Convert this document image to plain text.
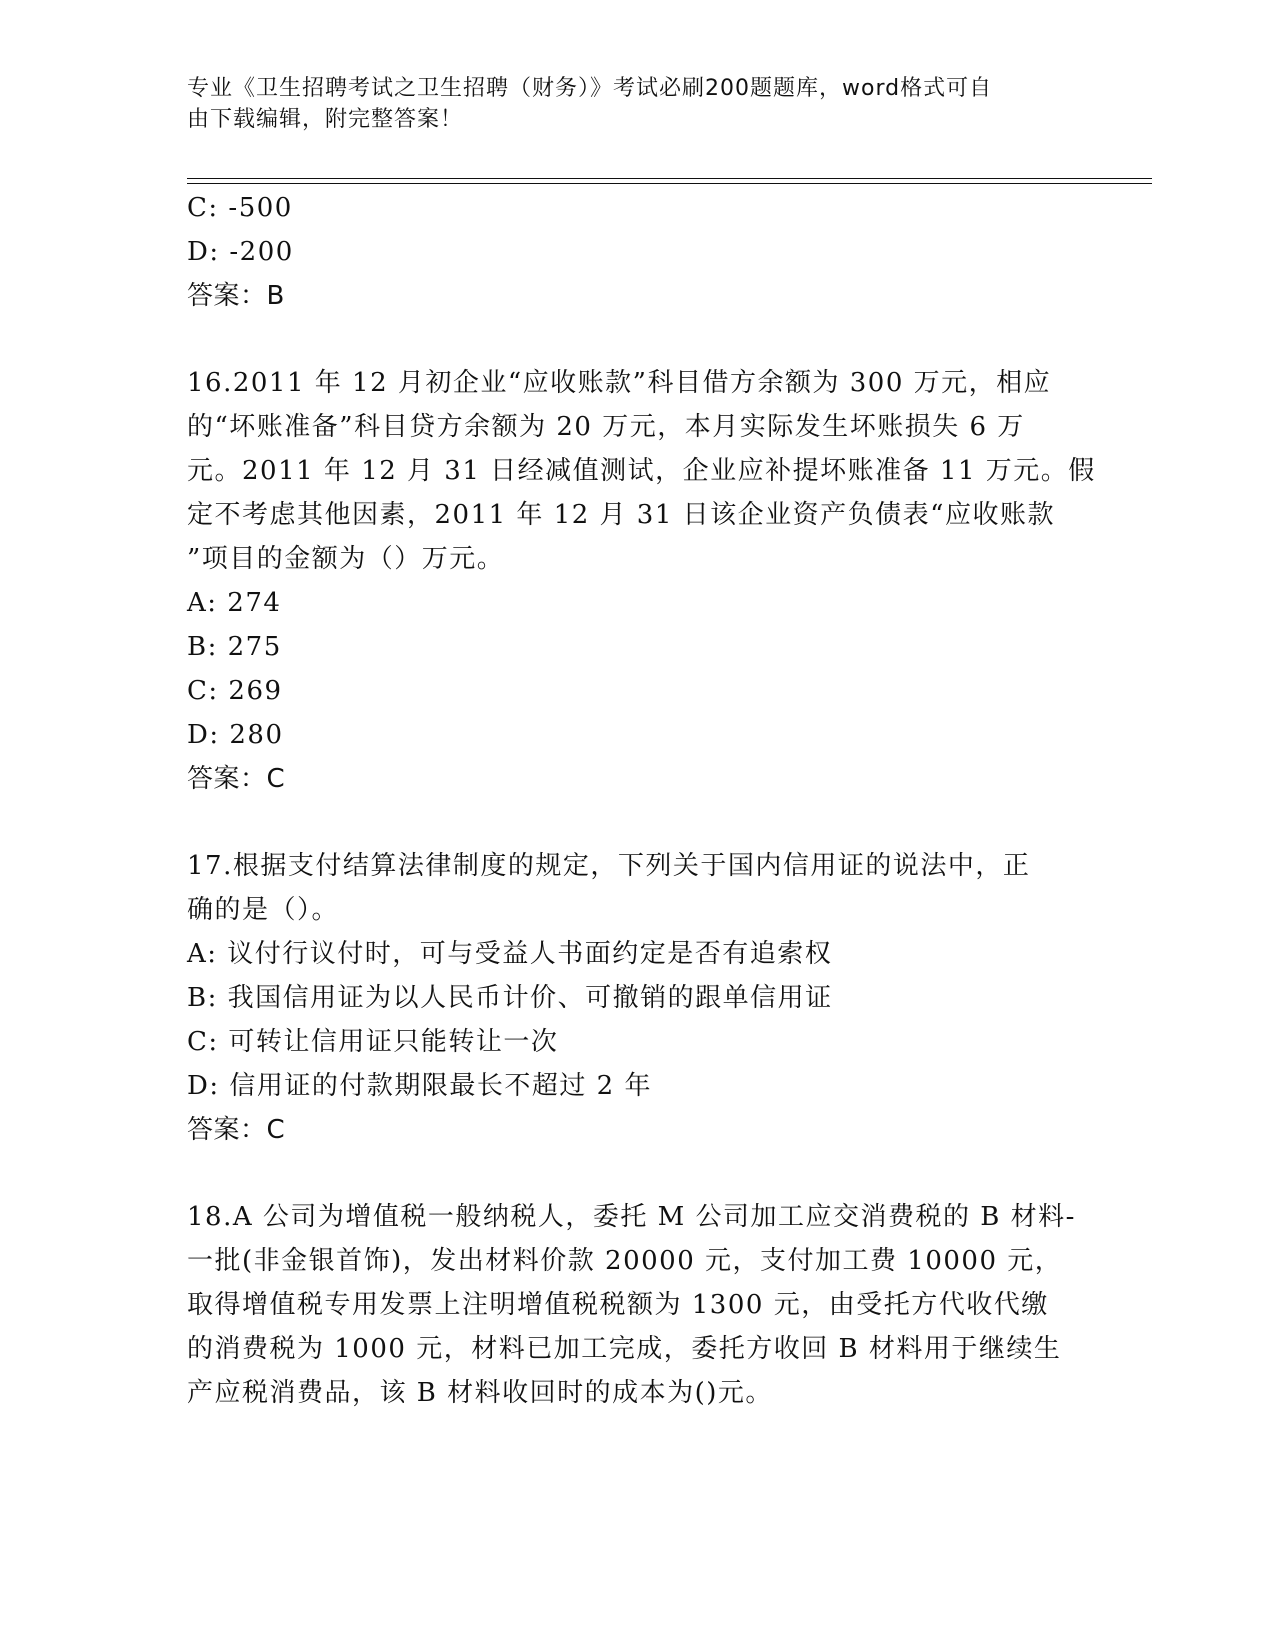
专业《卫生招聘考试之卫生招聘（财务）》考试必刷200题题库，word格式可自
由下载编辑，附完整答案！
C: -500
D: -200
答案：B
16.2011 年 12 月初企业“应收账款”科目借方余额为 300 万元，相应
的“坏账准备”科目贷方余额为 20 万元，本月实际发生坏账损失 6 万
元。2011 年 12 月 31 日经减值测试，企业应补提坏账准备 11 万元。假
定不考虑其他因素，2011 年 12 月 31 日该企业资产负债表“应收账款
”项目的金额为（）万元。
A: 274
B: 275
C: 269
D: 280
答案：C
17.根据支付结算法律制度的规定，下列关于国内信用证的说法中，正
确的是（）。
A: 议付行议付时，可与受益人书面约定是否有追索权
B: 我国信用证为以人民币计价、可撤销的跟单信用证
C: 可转让信用证只能转让一次
D: 信用证的付款期限最长不超过 2 年
答案：C
18.A 公司为增值税一般纳税人，委托 M 公司加工应交消费税的 B 材料-
一批(非金银首饰)，发出材料价款 20000 元，支付加工费 10000 元，
取得增值税专用发票上注明增值税税额为 1300 元，由受托方代收代缴
的消费税为 1000 元，材料已加工完成，委托方收回 B 材料用于继续生
产应税消费品，该 B 材料收回时的成本为()元。
